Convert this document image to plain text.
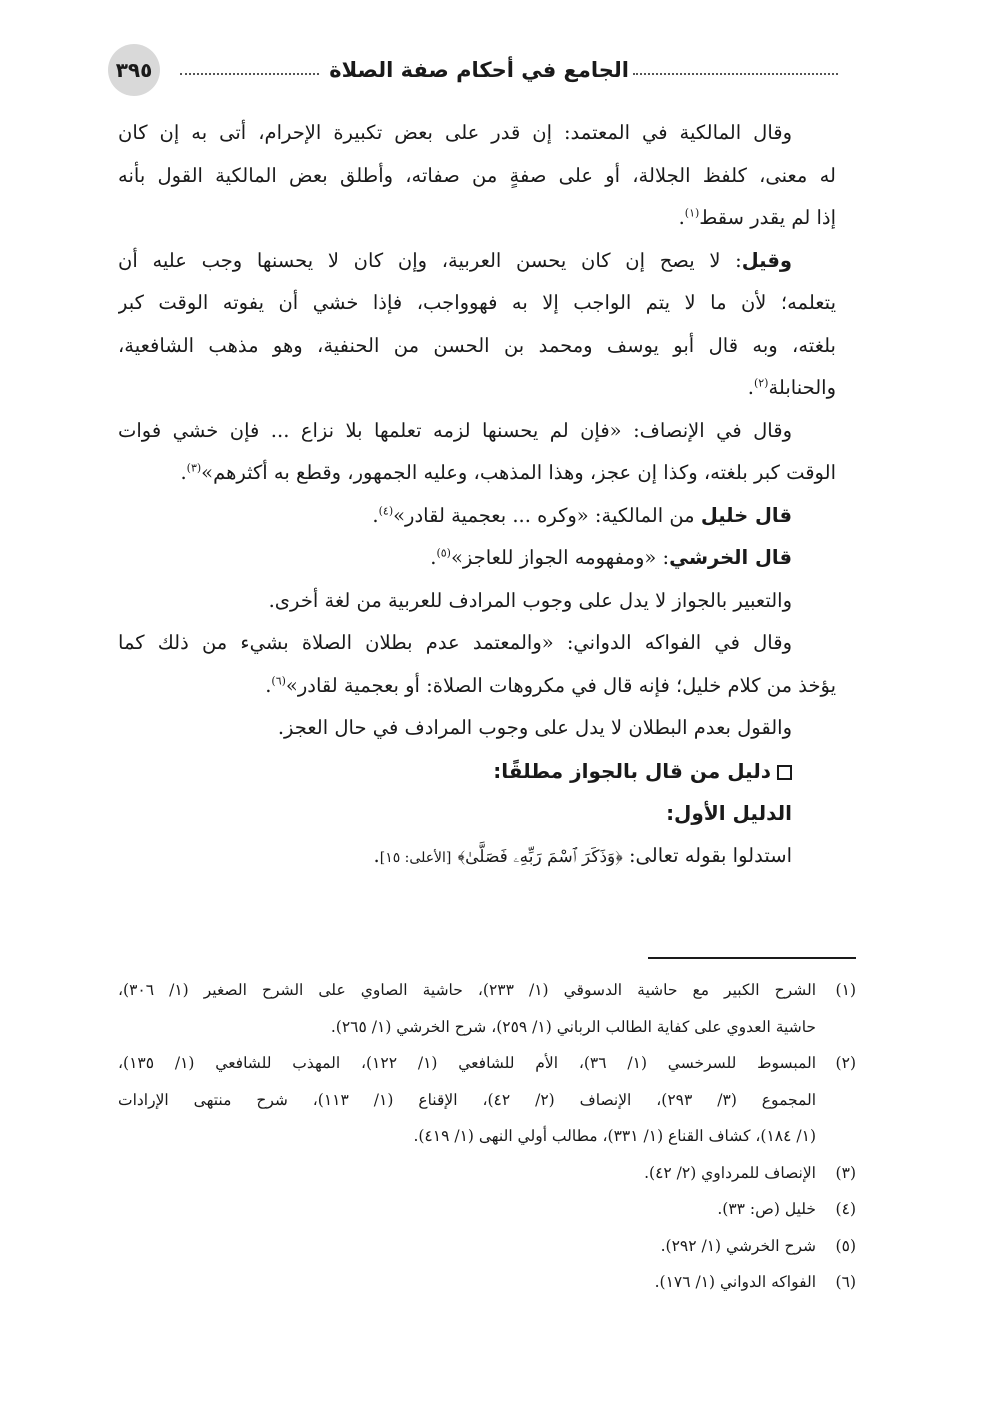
الجامع في أحكام صفة الصلاة
٣٩٥
وقال المالكية في المعتمد: إن قدر على بعض تكبيرة الإحرام، أتى به إن كان
له معنى، كلفظ الجلالة، أو على صفةٍ من صفاته، وأطلق بعض المالكية القول بأنه
إذا لم يقدر سقط$^{(١)}$.
وقيل: لا يصح إن كان يحسن العربية، وإن كان لا يحسنها وجب عليه أن
يتعلمه؛ لأن ما لا يتم الواجب إلا به فهوواجب، فإذا خشي أن يفوته الوقت كبر
بلغته، وبه قال أبو يوسف ومحمد بن الحسن من الحنفية، وهو مذهب الشافعية،
والحنابلة$^{(٢)}$.
وقال في الإنصاف: «فإن لم يحسنها لزمه تعلمها بلا نزاع ... فإن خشي فوات
الوقت كبر بلغته، وكذا إن عجز، وهذا المذهب، وعليه الجمهور، وقطع به أكثرهم»$^{(٣)}$.
قال خليل من المالكية: «وكره ... بعجمية لقادر»$^{(٤)}$.
قال الخرشي: «ومفهومه الجواز للعاجز»$^{(٥)}$.
والتعبير بالجواز لا يدل على وجوب المرادف للعربية من لغة أخرى.
وقال في الفواكه الدواني: «والمعتمد عدم بطلان الصلاة بشيء من ذلك كما
يؤخذ من كلام خليل؛ فإنه قال في مكروهات الصلاة: أو بعجمية لقادر»$^{(٦)}$.
والقول بعدم البطلان لا يدل على وجوب المرادف في حال العجز.
دليل من قال بالجواز مطلقًا:
الدليل الأول:
استدلوا بقوله تعالى: ﴿وَذَكَرَ ٱسْمَ رَبِّهِۦ فَصَلَّىٰ﴾ [الأعلى: ١٥].
(١)
الشرح الكبير مع حاشية الدسوقي (١/ ٢٣٣)، حاشية الصاوي على الشرح الصغير (١/ ٣٠٦)،
حاشية العدوي على كفاية الطالب الرباني (١/ ٢٥٩)، شرح الخرشي (١/ ٢٦٥).
(٢)
المبسوط للسرخسي (١/ ٣٦)، الأم للشافعي (١/ ١٢٢)، المهذب للشافعي (١/ ١٣٥)،
المجموع (٣/ ٢٩٣)، الإنصاف (٢/ ٤٢)، الإقناع (١/ ١١٣)، شرح منتهى الإرادات
(١/ ١٨٤)، كشاف القناع (١/ ٣٣١)، مطالب أولي النهى (١/ ٤١٩).
(٣)
الإنصاف للمرداوي (٢/ ٤٢).
(٤)
خليل (ص: ٣٣).
(٥)
شرح الخرشي (١/ ٢٩٢).
(٦)
الفواكه الدواني (١/ ١٧٦).
